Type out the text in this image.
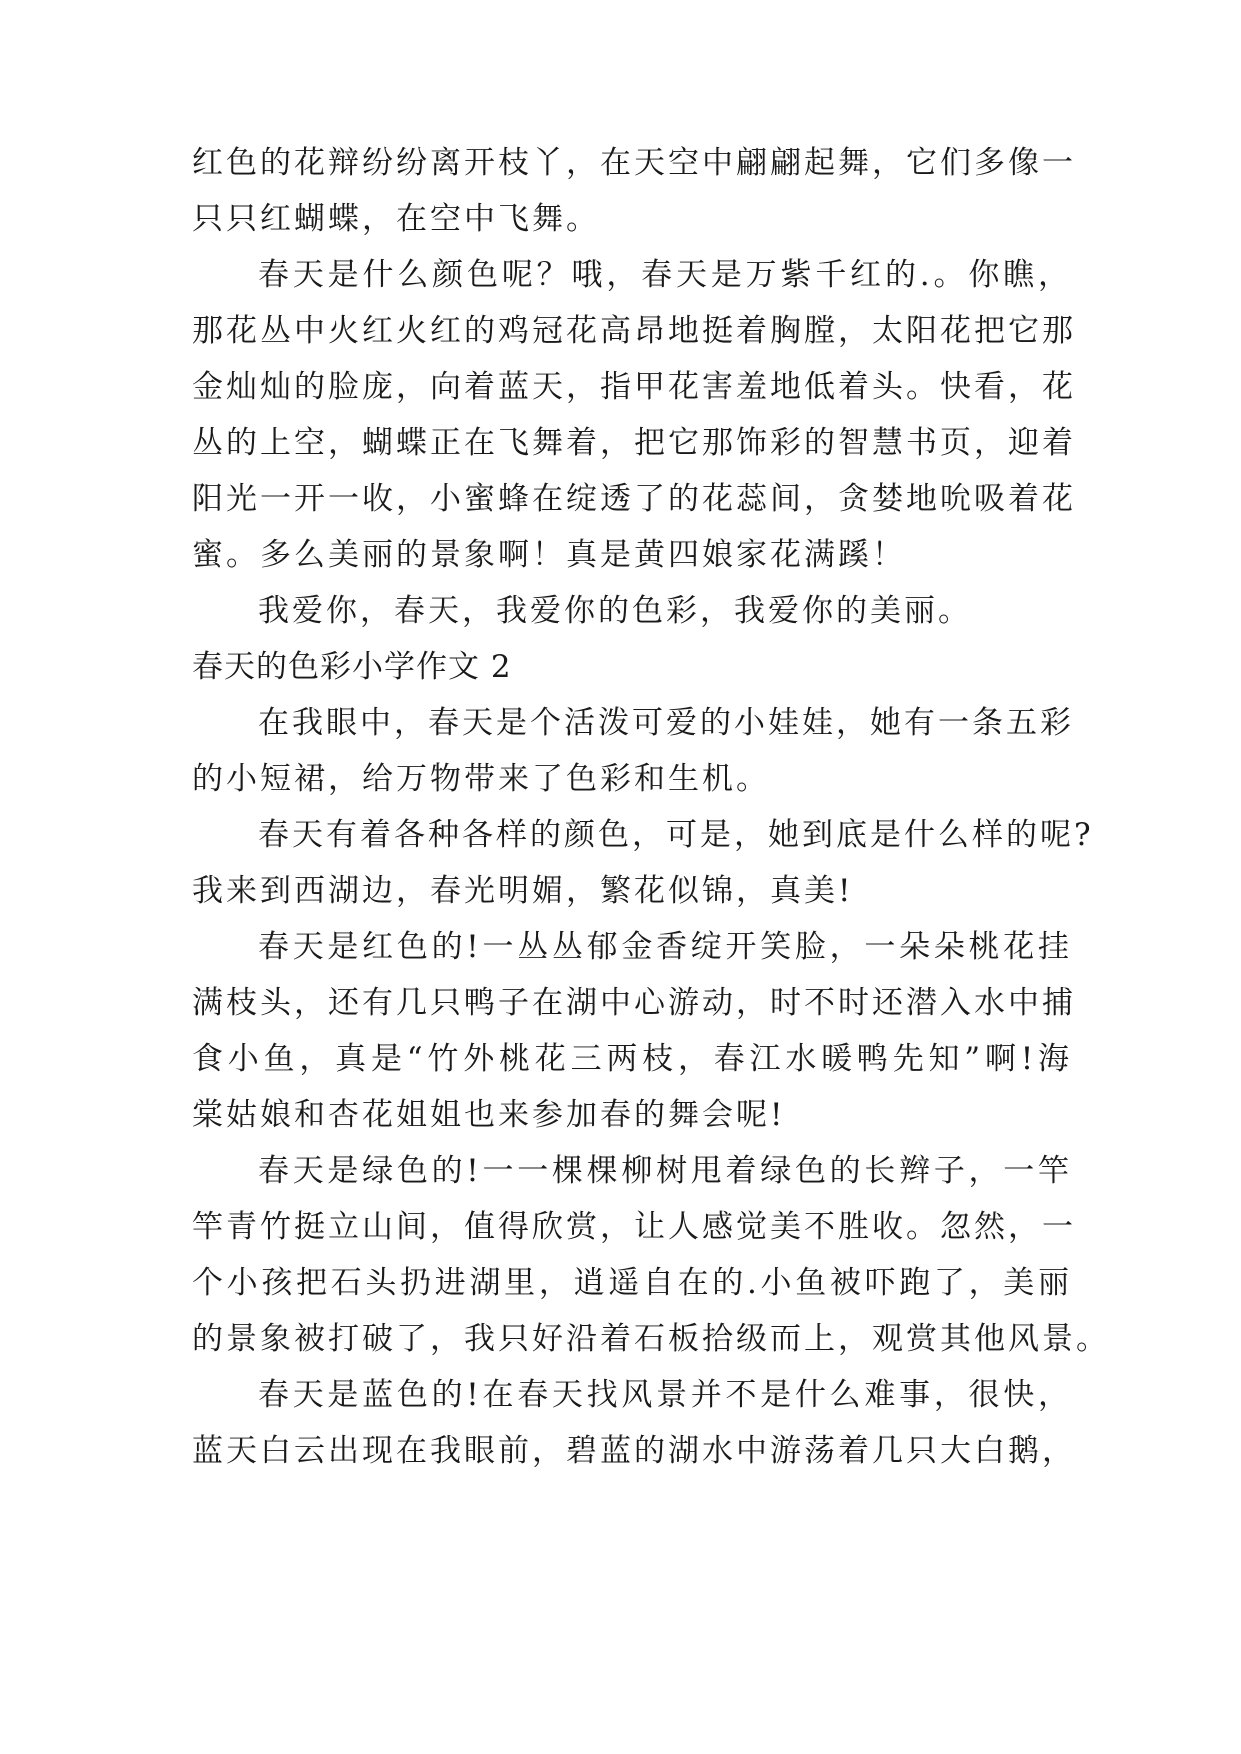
红色的花辩纷纷离开枝丫，在天空中翩翩起舞，它们多像一
只只红蝴蝶，在空中飞舞。
春天是什么颜色呢？哦，春天是万紫千红的.。你瞧，
那花丛中火红火红的鸡冠花高昂地挺着胸膛，太阳花把它那
金灿灿的脸庞，向着蓝天，指甲花害羞地低着头。快看，花
丛的上空，蝴蝶正在飞舞着，把它那饰彩的智慧书页，迎着
阳光一开一收，小蜜蜂在绽透了的花蕊间，贪婪地吮吸着花
蜜。多么美丽的景象啊！真是黄四娘家花满蹊！
我爱你，春天，我爱你的色彩，我爱你的美丽。
春天的色彩小学作文 2
在我眼中，春天是个活泼可爱的小娃娃，她有一条五彩
的小短裙，给万物带来了色彩和生机。
春天有着各种各样的颜色，可是，她到底是什么样的呢?
我来到西湖边，春光明媚，繁花似锦，真美!
春天是红色的!一丛丛郁金香绽开笑脸，一朵朵桃花挂
满枝头，还有几只鸭子在湖中心游动，时不时还潜入水中捕
食小鱼，真是“竹外桃花三两枝，春江水暖鸭先知”啊!海
棠姑娘和杏花姐姐也来参加春的舞会呢!
春天是绿色的!一一棵棵柳树甩着绿色的长辫子，一竿
竿青竹挺立山间，值得欣赏，让人感觉美不胜收。忽然，一
个小孩把石头扔进湖里，逍遥自在的.小鱼被吓跑了，美丽
的景象被打破了，我只好沿着石板拾级而上，观赏其他风景。
春天是蓝色的!在春天找风景并不是什么难事，很快，
蓝天白云出现在我眼前，碧蓝的湖水中游荡着几只大白鹅，
